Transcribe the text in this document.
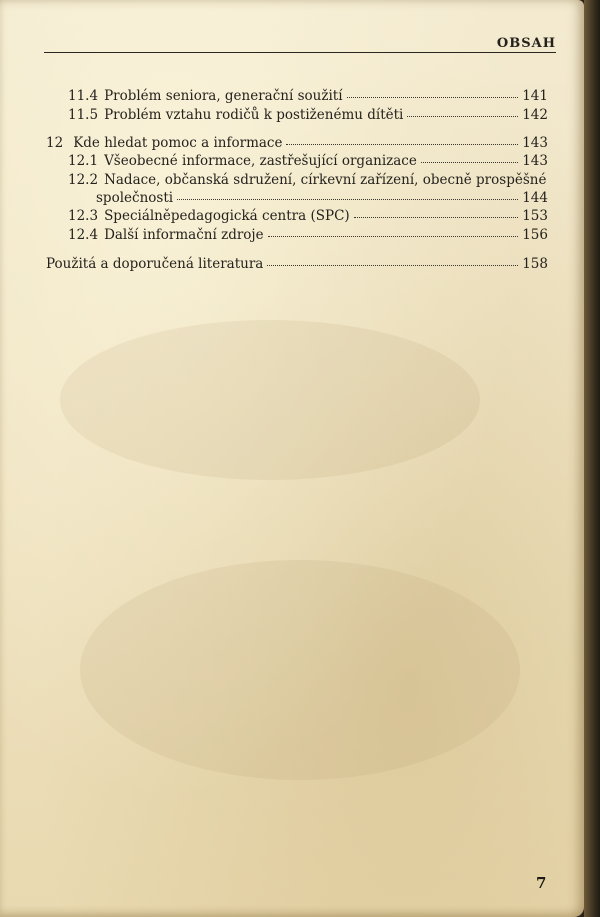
OBSAH
11.4 Problém seniora, generační soužití	141
11.5 Problém vztahu rodičů k postiženému dítěti	142
12 Kde hledat pomoc a informace	143
12.1 Všeobecné informace, zastřešující organizace	143
12.2 Nadace, občanská sdružení, církevní zařízení, obecně prospěšné
společnosti	144
12.3 Speciálněpedagogická centra (SPC)	153
12.4 Další informační zdroje	156
Použitá a doporučená literatura	158
7
